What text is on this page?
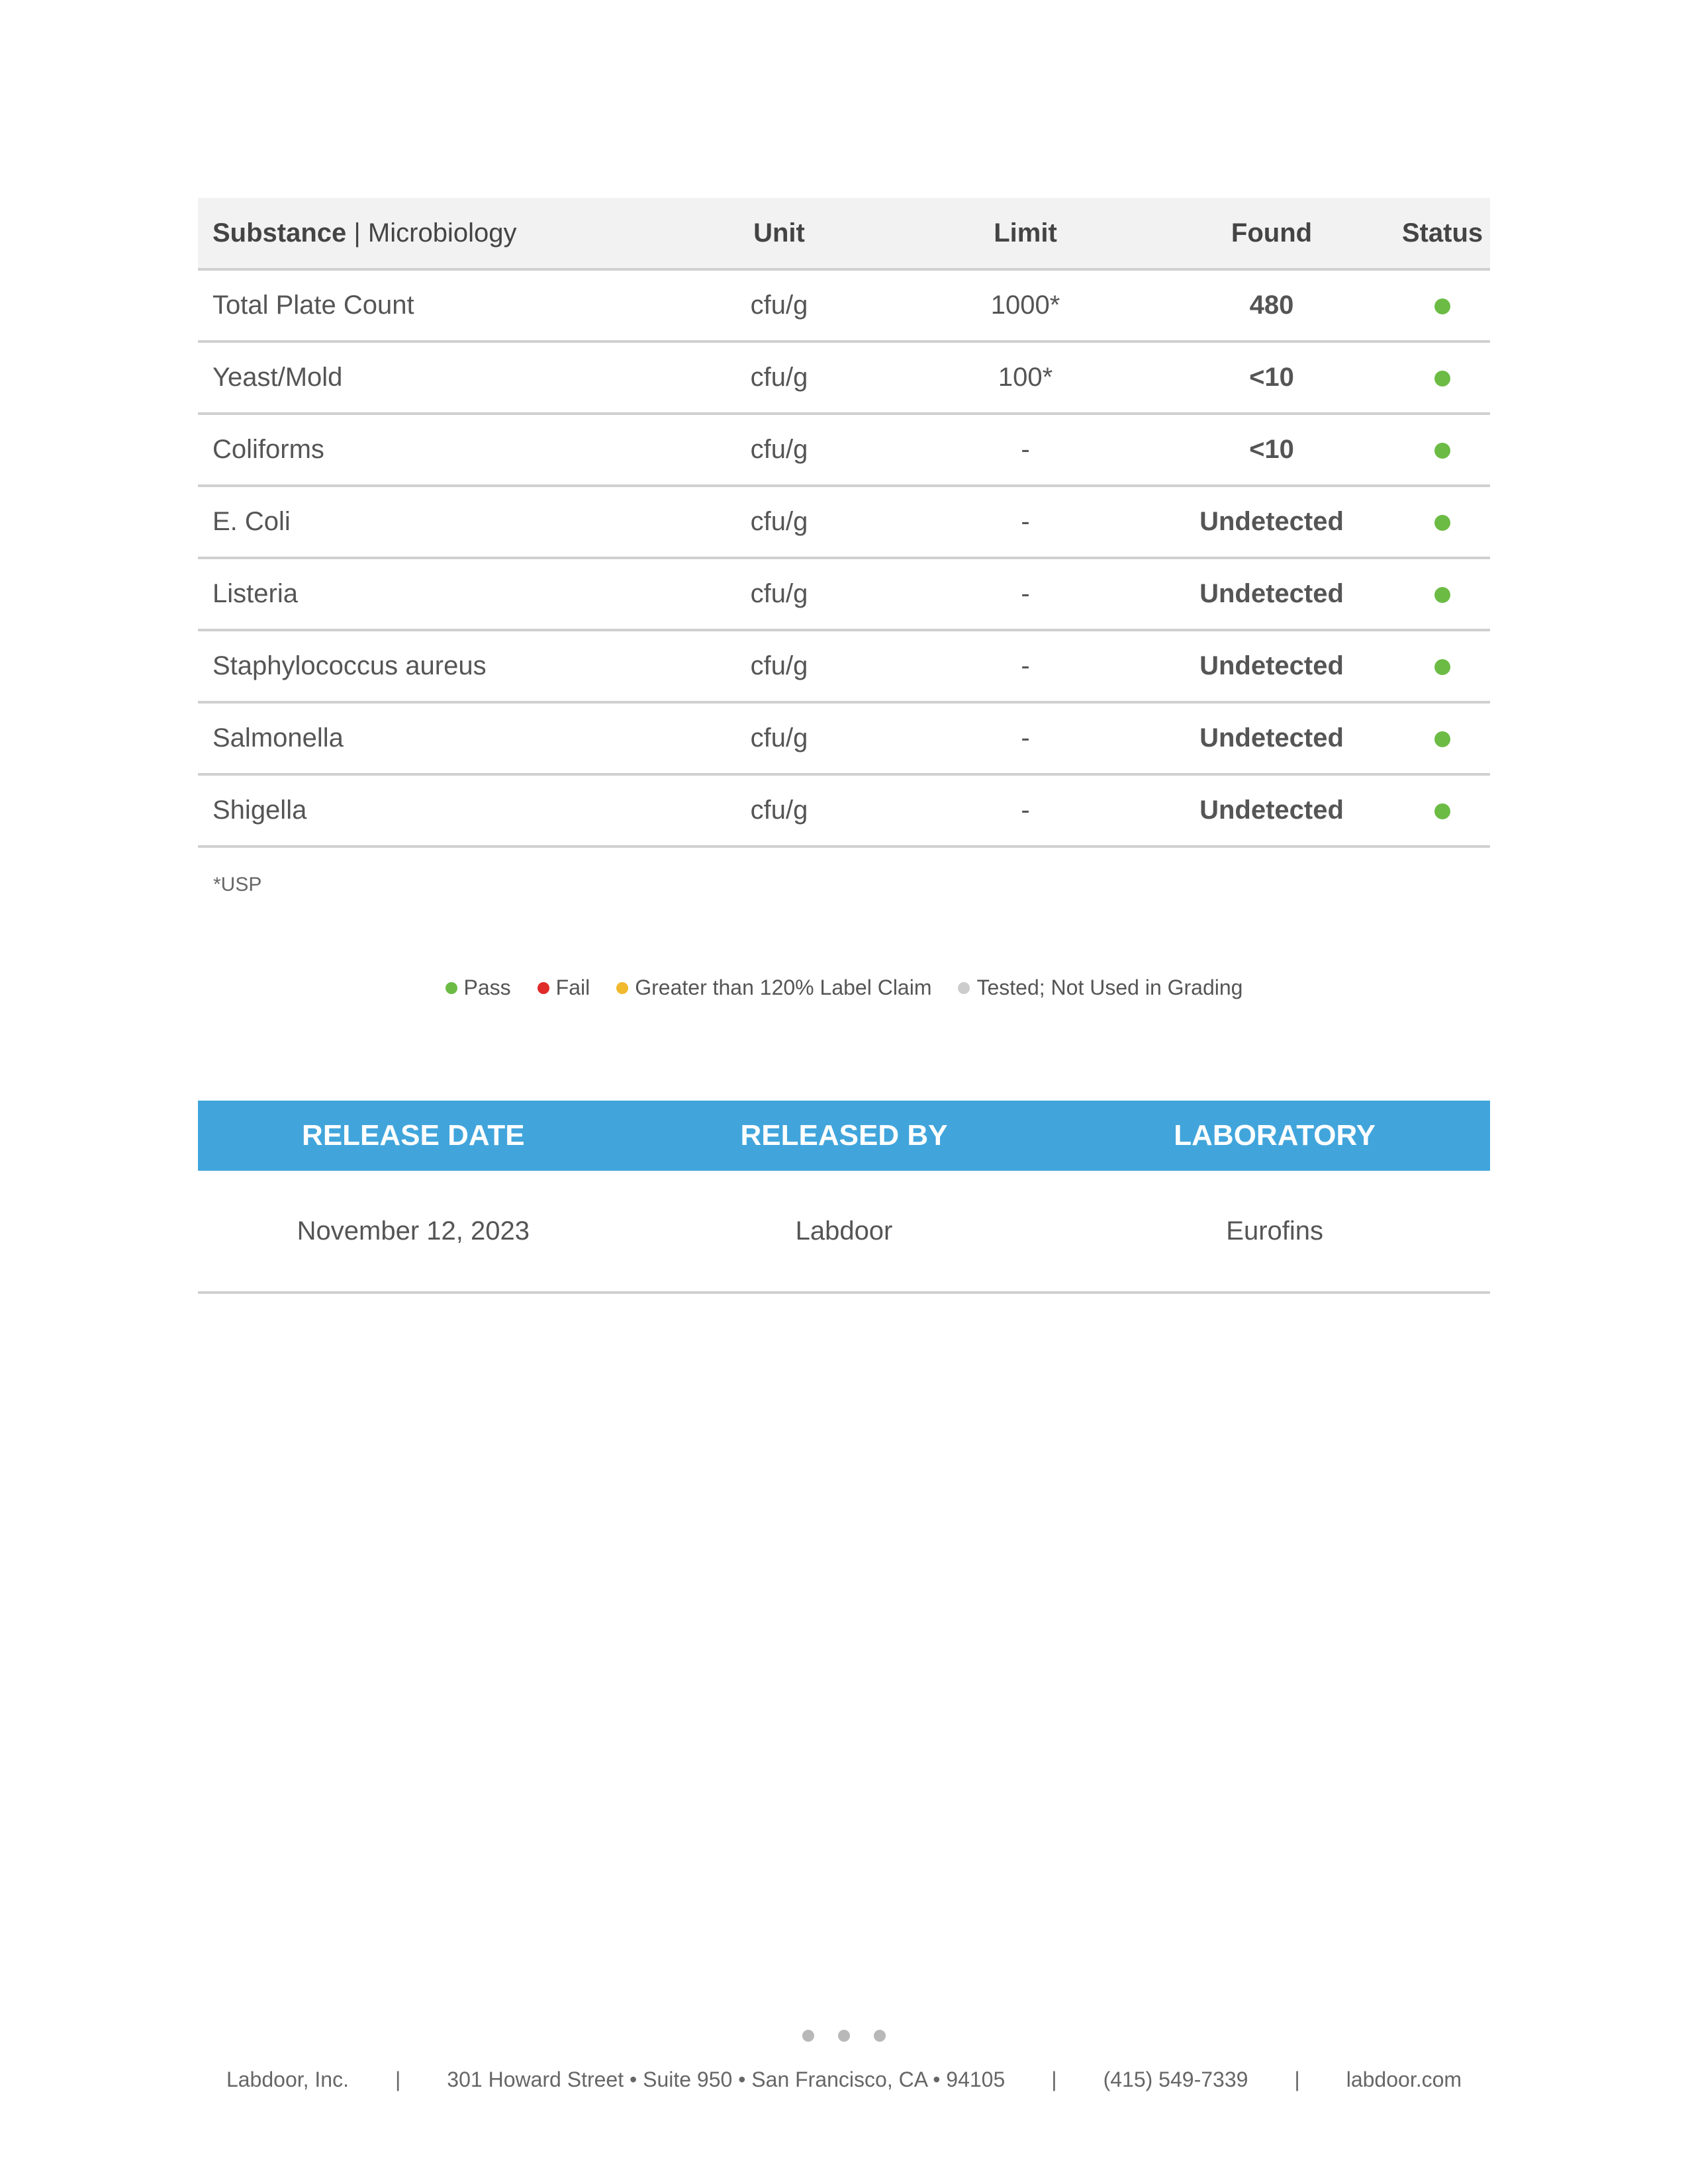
Substance | Microbiology	Unit	Limit	Found	Status
Total Plate Count	cfu/g	1000*	480	
Yeast/Mold	cfu/g	100*	<10	
Coliforms	cfu/g	-	<10	
E. Coli	cfu/g	-	Undetected	
Listeria	cfu/g	-	Undetected	
Staphylococcus aureus	cfu/g	-	Undetected	
Salmonella	cfu/g	-	Undetected	
Shigella	cfu/g	-	Undetected	
*USP
Pass Fail Greater than 120% Label Claim Tested; Not Used in Grading
RELEASE DATE	RELEASED BY	LABORATORY
November 12, 2023	Labdoor	Eurofins
Labdoor, Inc. | 301 Howard Street • Suite 950 • San Francisco, CA • 94105 | (415) 549-7339 | labdoor.com
